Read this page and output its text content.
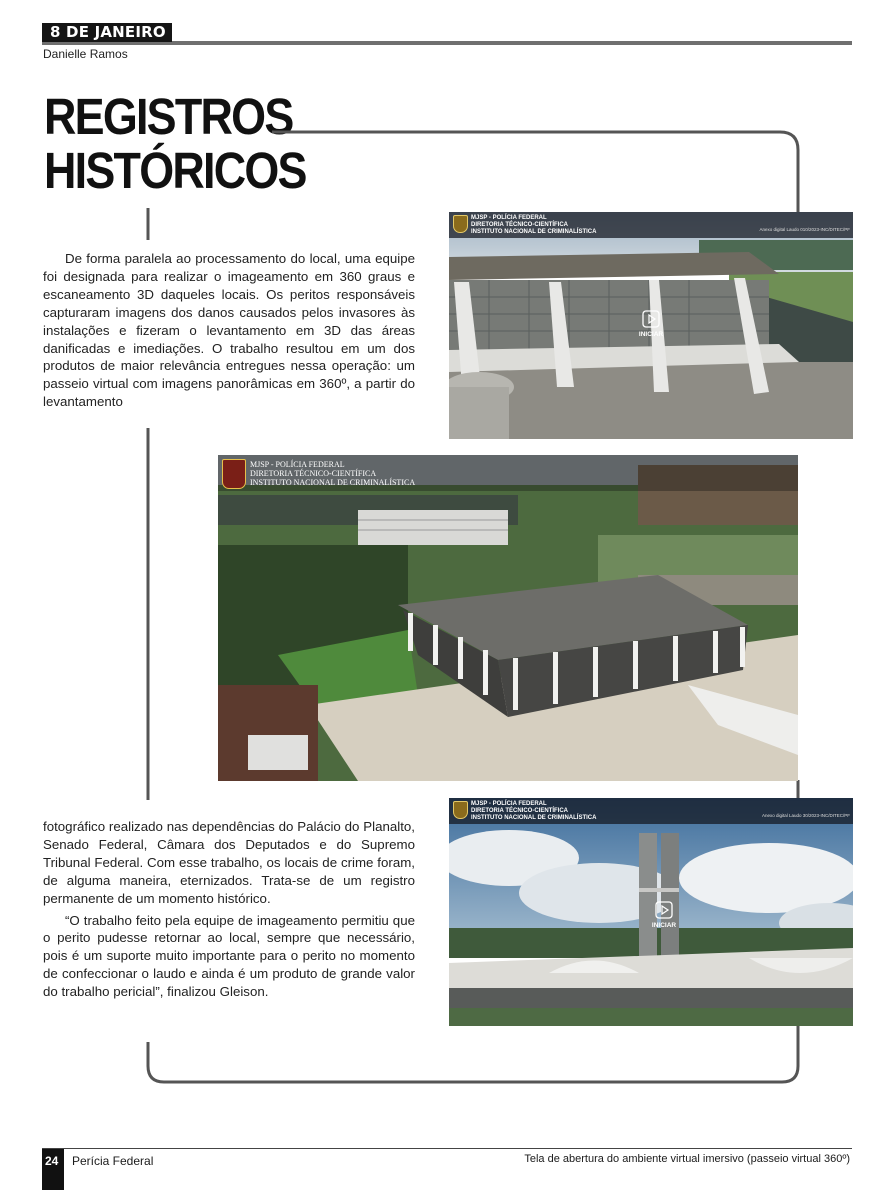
8 DE JANEIRO
Danielle Ramos
REGISTROS
HISTÓRICOS

De forma paralela ao processamento do local, uma equipe foi designada para realizar o imageamento em 360 graus e escaneamento 3D daqueles locais. Os peritos responsáveis capturaram imagens dos danos causados pelos invasores às instalações e fizeram o levantamento em 3D das áreas danificadas e imediações. O trabalho resultou em um dos produtos de maior relevância entregues nessa operação: um passeio virtual com imagens panorâmicas em 360º, a partir do levantamento

MJSP - POLÍCIA FEDERAL
DIRETORIA TÉCNICO-CIENTÍFICA
INSTITUTO NACIONAL DE CRIMINALÍSTICA	Anexo digital Laudo 010/2023-INC/DITEC/PF
INICIAR
MJSP - POLÍCIA FEDERAL
DIRETORIA TÉCNICO-CIENTÍFICA
INSTITUTO NACIONAL DE CRIMINALÍSTICA
MJSP - POLÍCIA FEDERAL
DIRETORIA TÉCNICO-CIENTÍFICA
INSTITUTO NACIONAL DE CRIMINALÍSTICA	Anexo digital Laudo 30/2023-INC/DITEC/PF
INICIAR

fotográfico realizado nas dependências do Palácio do Planalto, Senado Federal, Câmara dos Deputados e do Supremo Tribunal Federal. Com esse trabalho, os locais de crime foram, de alguma maneira, eternizados. Trata-se de um registro permanente de um momento histórico.

“O trabalho feito pela equipe de imageamento permitiu que o perito pudesse retornar ao local, sempre que necessário, pois é um suporte muito importante para o perito no momento de confeccionar o laudo e ainda é um produto de grande valor do trabalho pericial”, finalizou Gleison.

24 Perícia Federal	Tela de abertura do ambiente virtual imersivo (passeio virtual 360º)
